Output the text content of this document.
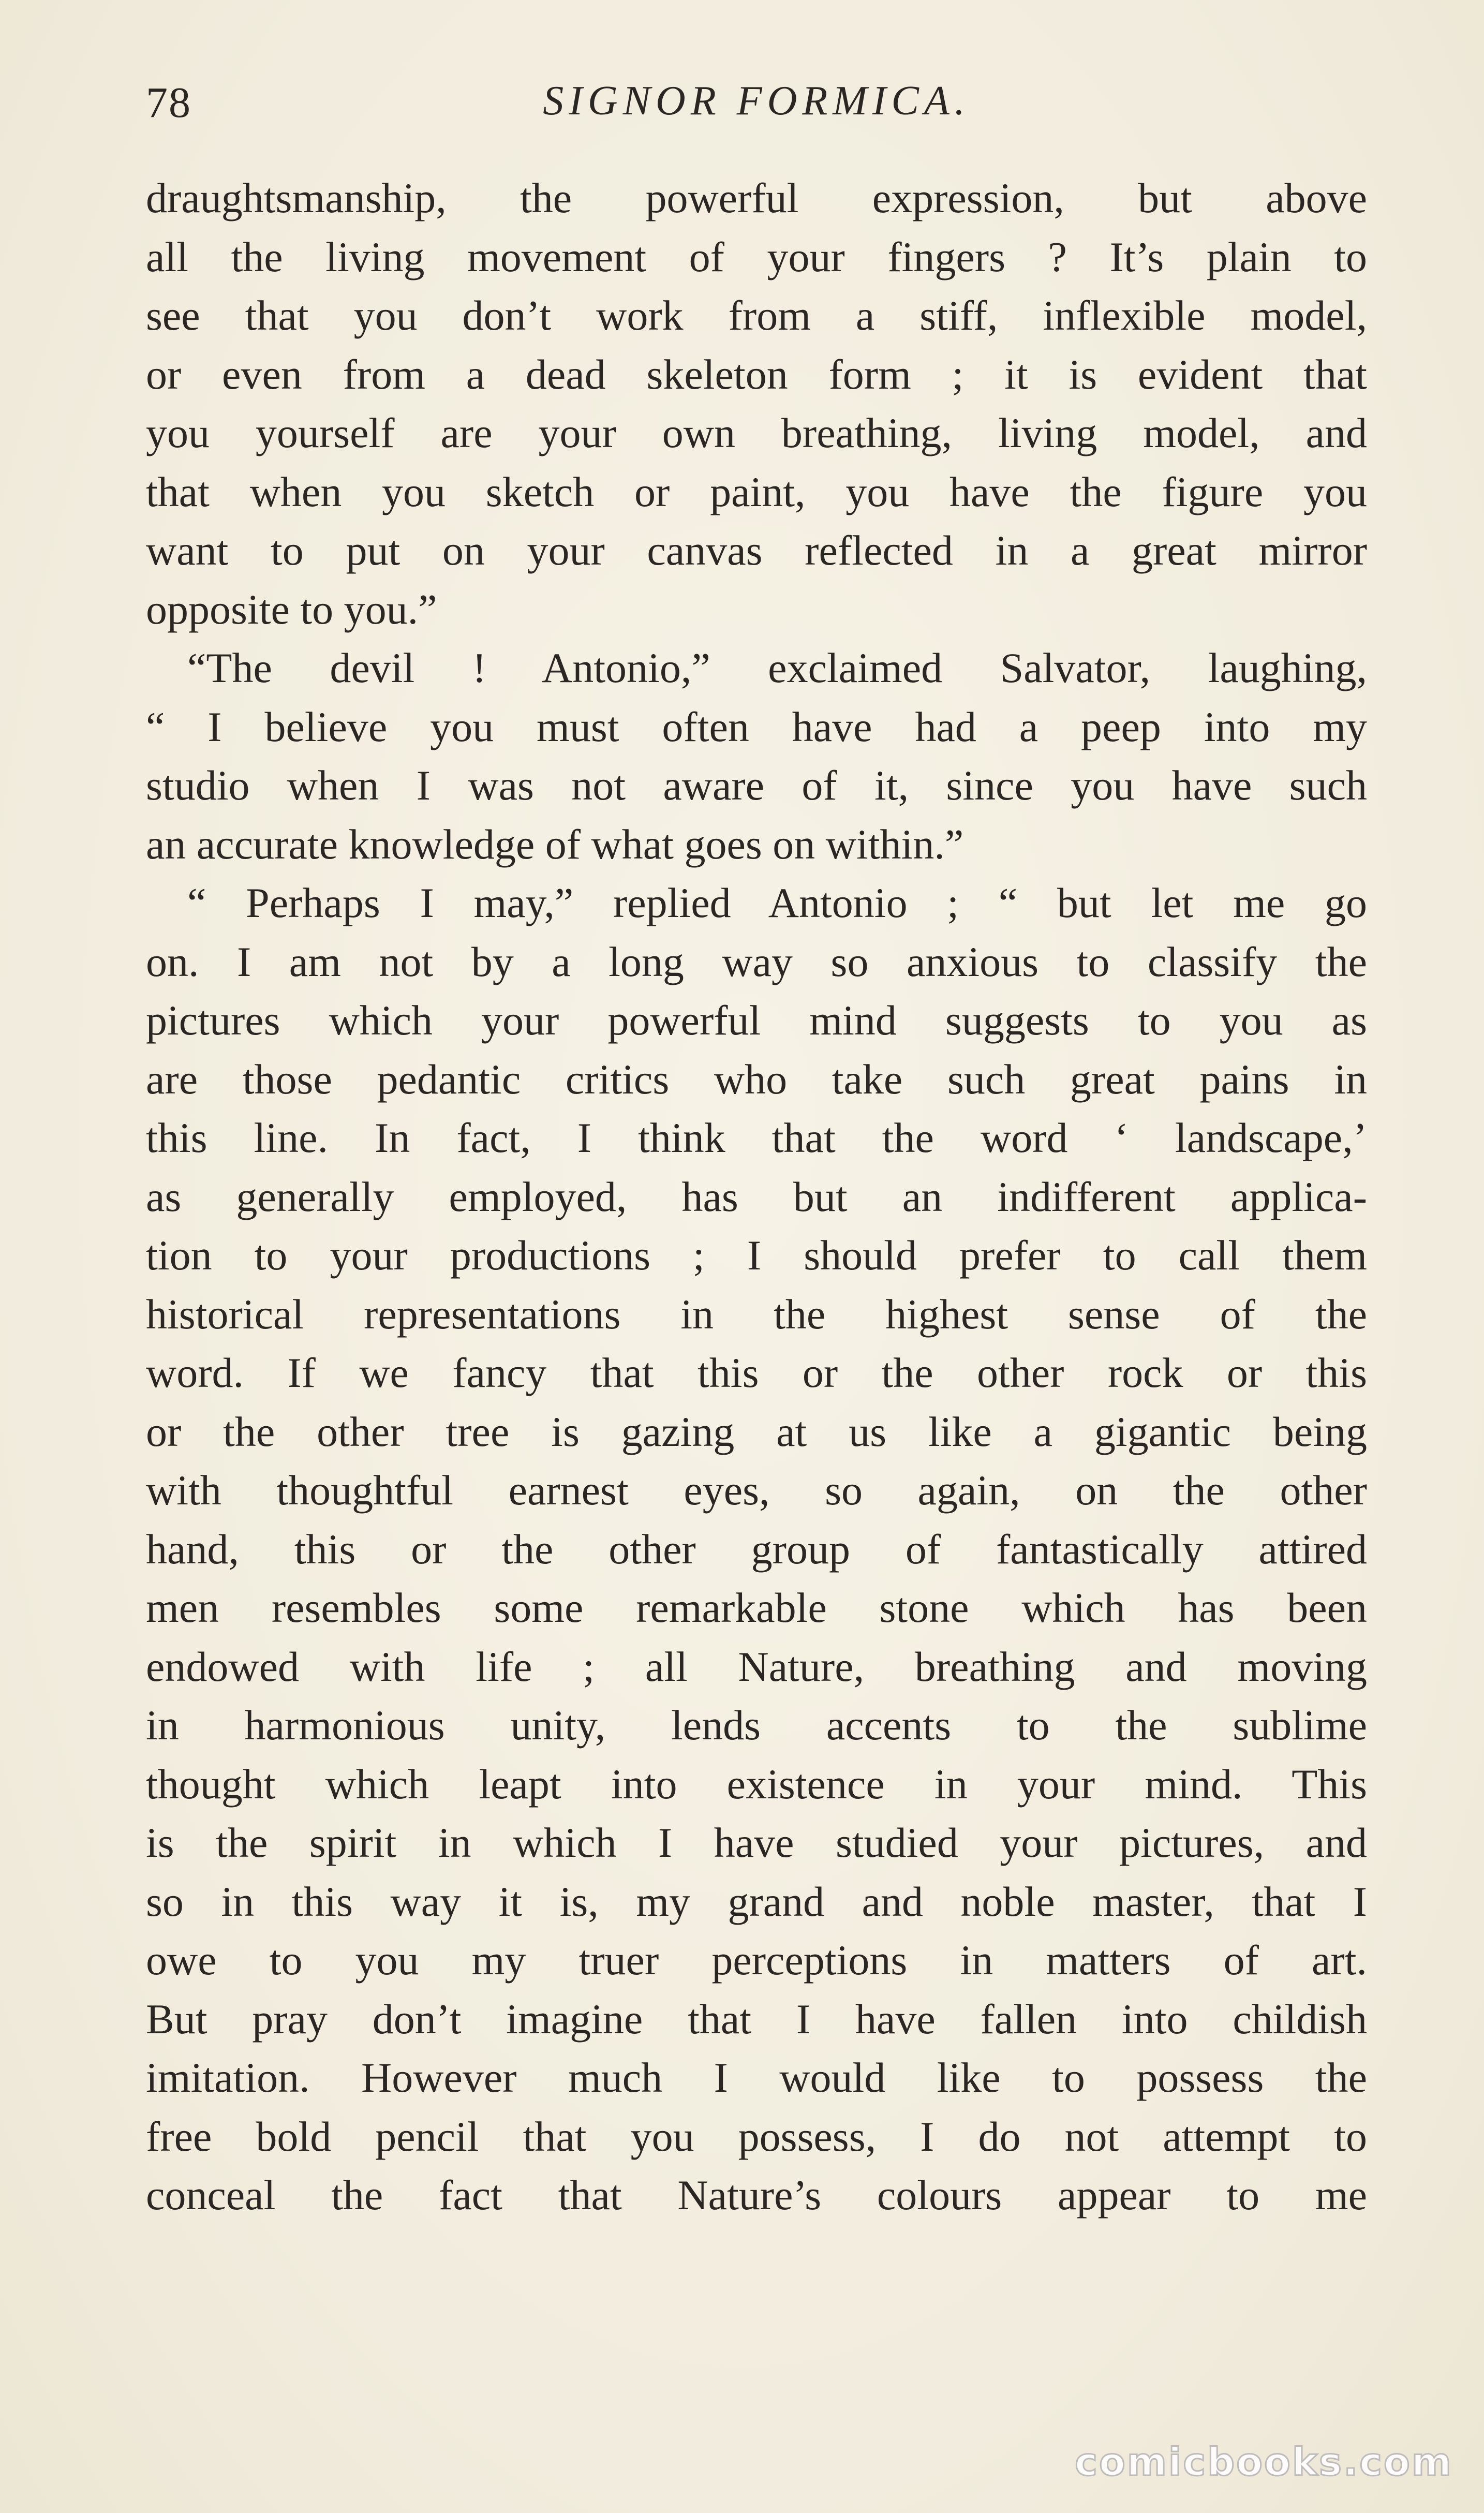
78	SIGNOR FORMICA.
draughtsmanship, the powerful expression, but above
all the living movement of your fingers ? It’s plain to
see that you don’t work from a stiff, inflexible model,
or even from a dead skeleton form ; it is evident that
you yourself are your own breathing, living model, and
that when you sketch or paint, you have the figure you
want to put on your canvas reflected in a great mirror
opposite to you.”
“The devil ! Antonio,” exclaimed Salvator, laughing,
“ I believe you must often have had a peep into my
studio when I was not aware of it, since you have such
an accurate knowledge of what goes on within.”
“ Perhaps I may,” replied Antonio ; “ but let me go
on. I am not by a long way so anxious to classify the
pictures which your powerful mind suggests to you as
are those pedantic critics who take such great pains in
this line. In fact, I think that the word ‘ landscape,’
as generally employed, has but an indifferent applica-
tion to your productions ; I should prefer to call them
historical representations in the highest sense of the
word. If we fancy that this or the other rock or this
or the other tree is gazing at us like a gigantic being
with thoughtful earnest eyes, so again, on the other
hand, this or the other group of fantastically attired
men resembles some remarkable stone which has been
endowed with life ; all Nature, breathing and moving
in harmonious unity, lends accents to the sublime
thought which leapt into existence in your mind. This
is the spirit in which I have studied your pictures, and
so in this way it is, my grand and noble master, that I
owe to you my truer perceptions in matters of art.
But pray don’t imagine that I have fallen into childish
imitation. However much I would like to possess the
free bold pencil that you possess, I do not attempt to
conceal the fact that Nature’s colours appear to me
comicbooks.com
